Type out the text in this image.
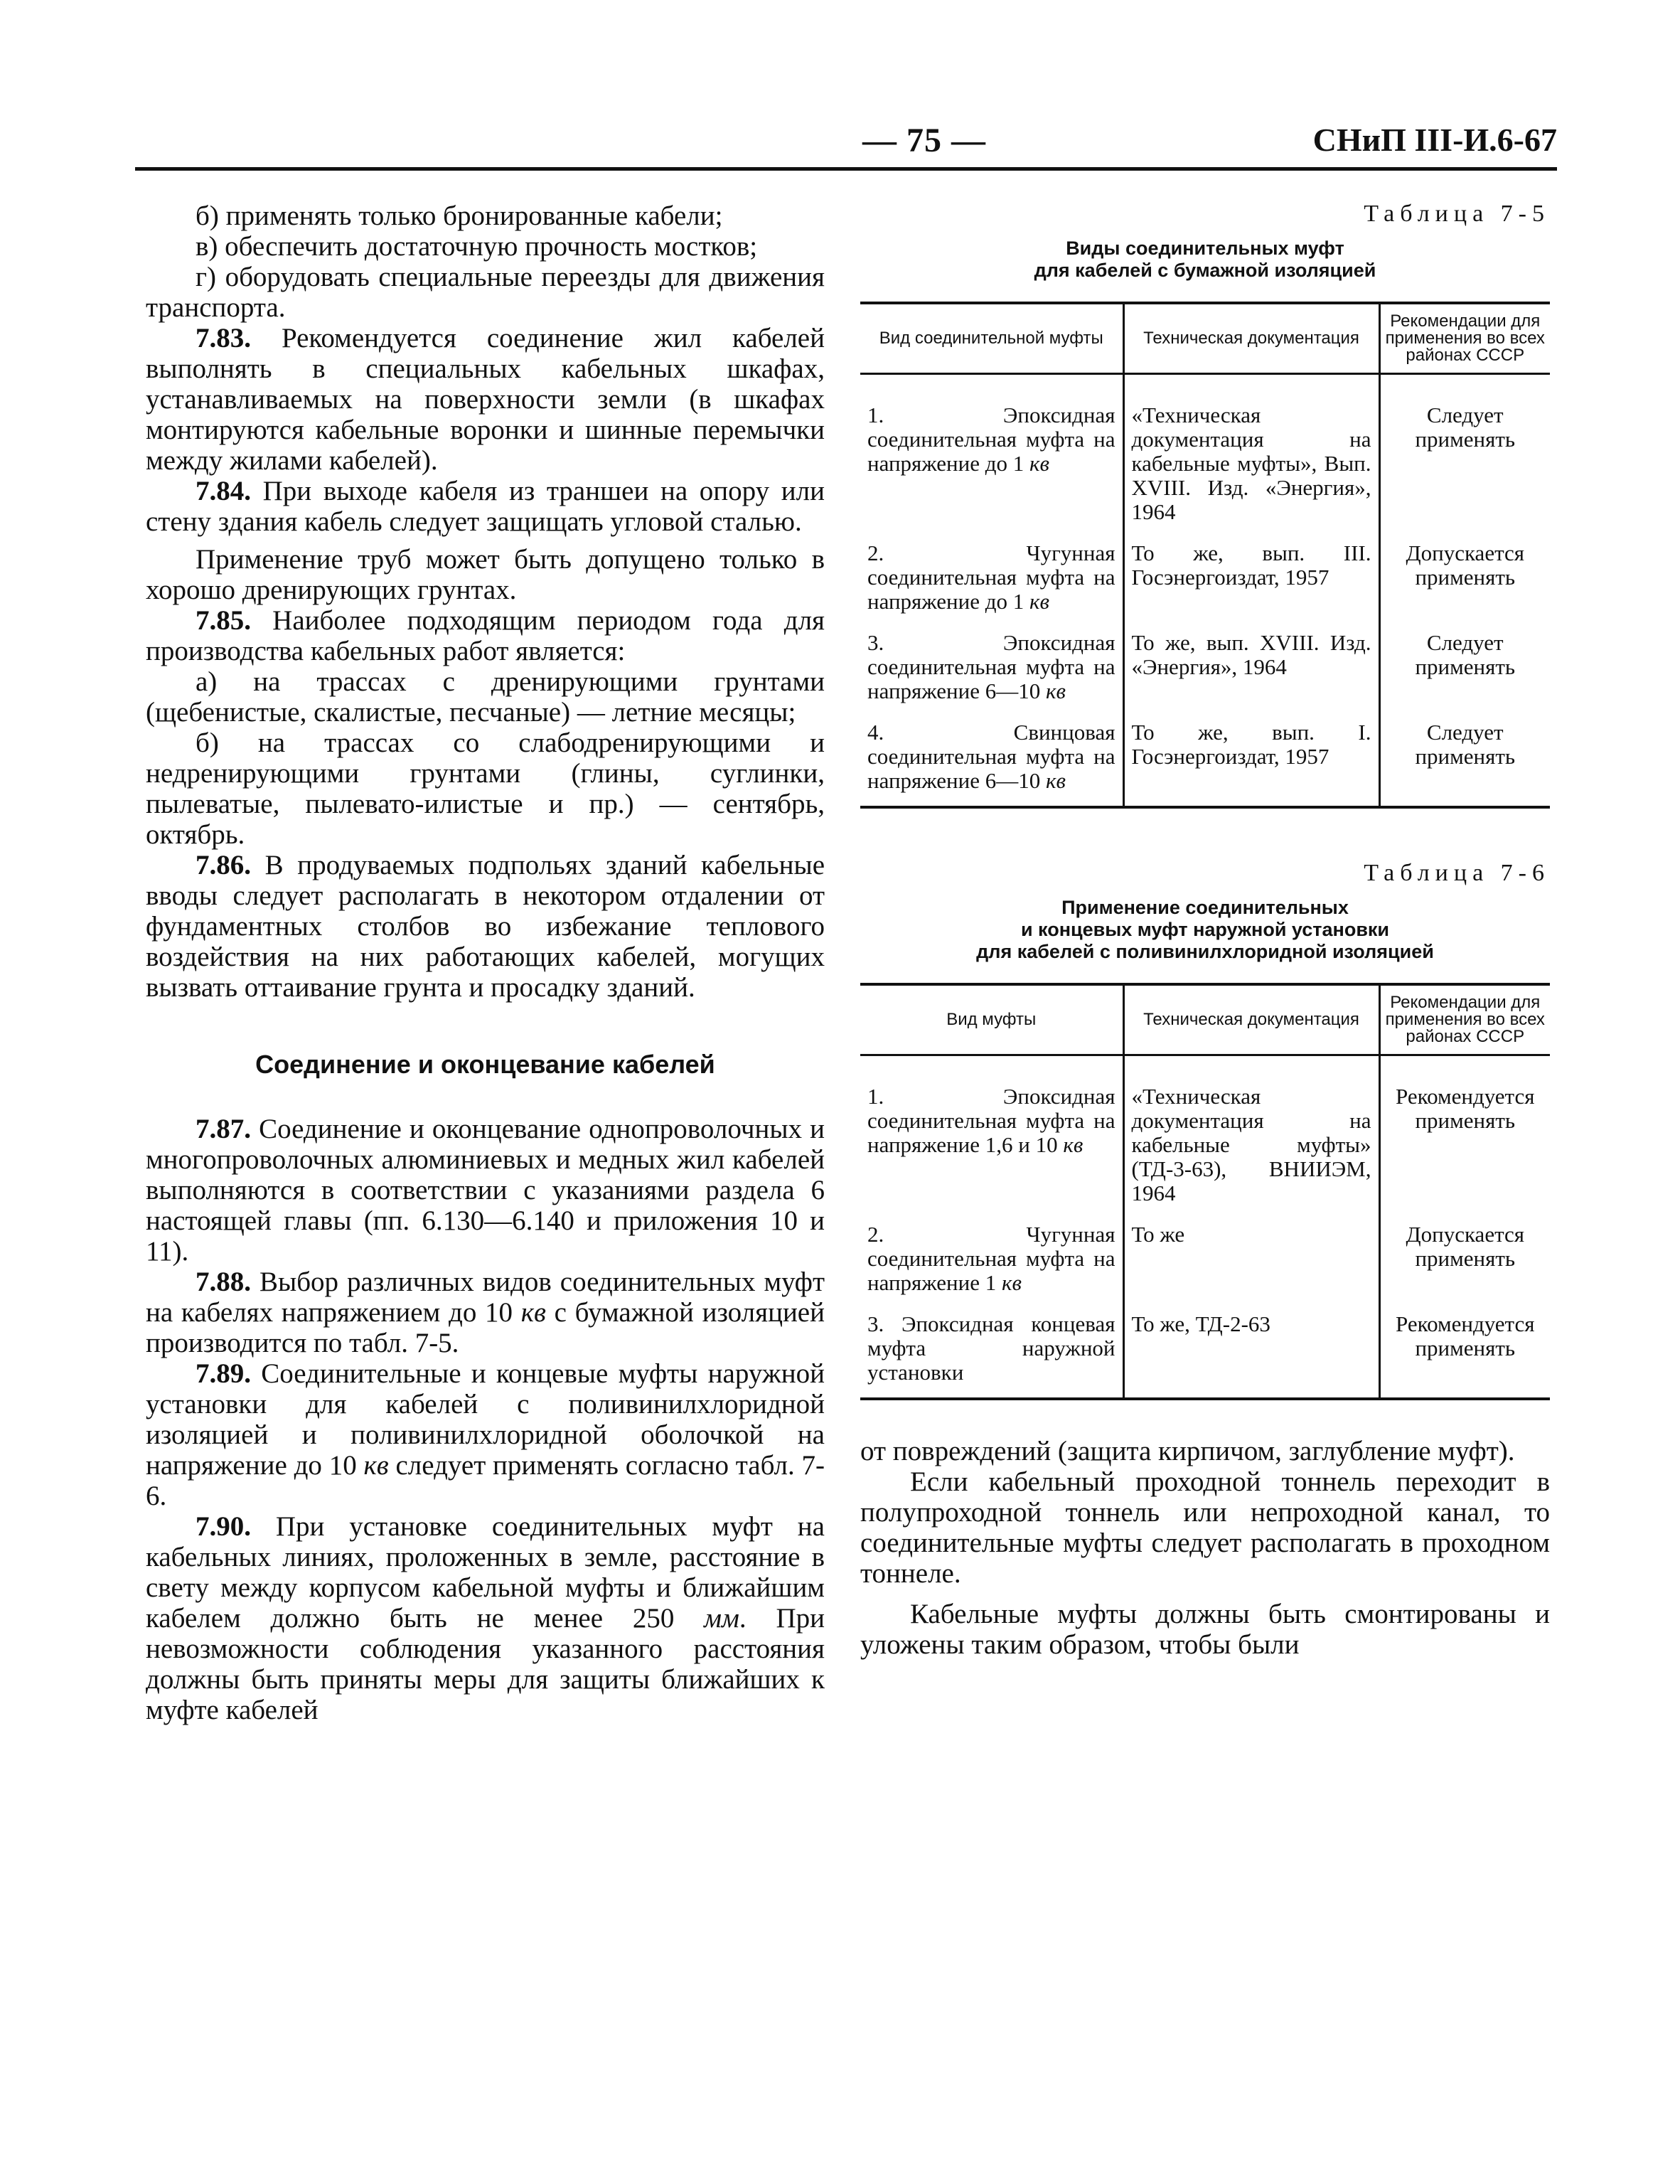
— 75 —	СНиП III-И.6-67

б) применять только бронированные кабели;

в) обеспечить достаточную прочность мостков;

г) оборудовать специальные переезды для движения транспорта.

7.83. Рекомендуется соединение жил кабелей выполнять в специальных кабельных шкафах, устанавливаемых на поверхности земли (в шкафах монтируются кабельные воронки и шинные перемычки между жилами кабелей).

7.84. При выходе кабеля из траншеи на опору или стену здания кабель следует защищать угловой сталью.

Применение труб может быть допущено только в хорошо дренирующих грунтах.

7.85. Наиболее подходящим периодом года для производства кабельных работ является:

а) на трассах с дренирующими грунтами (щебенистые, скалистые, песчаные) — летние месяцы;

б) на трассах со слабодренирующими и недренирующими грунтами (глины, суглинки, пылеватые, пылевато-илистые и пр.) — сентябрь, октябрь.

7.86. В продуваемых подпольях зданий кабельные вводы следует располагать в некотором отдалении от фундаментных столбов во избежание теплового воздействия на них работающих кабелей, могущих вызвать оттаивание грунта и просадку зданий.

Соединение и оконцевание кабелей

7.87. Соединение и оконцевание однопроволочных и многопроволочных алюминиевых и медных жил кабелей выполняются в соответствии с указаниями раздела 6 настоящей главы (пп. 6.130—6.140 и приложения 10 и 11).

7.88. Выбор различных видов соединительных муфт на кабелях напряжением до 10 кв с бумажной изоляцией производится по табл. 7-5.

7.89. Соединительные и концевые муфты наружной установки для кабелей с поливинилхлоридной изоляцией и поливинилхлоридной оболочкой на напряжение до 10 кв следует применять согласно табл. 7-6.

7.90. При установке соединительных муфт на кабельных линиях, проложенных в земле, расстояние в свету между корпусом кабельной муфты и ближайшим кабелем должно быть не менее 250 мм. При невозможности соблюдения указанного расстояния должны быть приняты меры для защиты ближайших к муфте кабелей

Таблица 7-5

Виды соединительных муфт
для кабелей с бумажной изоляцией

Вид соединительной муфты	Техническая документация	Рекомендации для применения во всех районах СССР
1. Эпоксидная соединительная муфта на напряжение до 1 кв	«Техническая документация на кабельные муфты», Вып. XVIII. Изд. «Энергия», 1964	Следует применять
2. Чугунная соединительная муфта на напряжение до 1 кв	То же, вып. III. Госэнергоиздат, 1957	Допускается применять
3. Эпоксидная соединительная муфта на напряжение 6—10 кв	То же, вып. XVIII. Изд. «Энергия», 1964	Следует применять
4. Свинцовая соединительная муфта на напряжение 6—10 кв	То же, вып. I. Госэнергоиздат, 1957	Следует применять

Таблица 7-6

Применение соединительных
и концевых муфт наружной установки
для кабелей с поливинилхлоридной изоляцией

Вид муфты	Техническая документация	Рекомендации для применения во всех районах СССР
1. Эпоксидная соединительная муфта на напряжение 1,6 и 10 кв	«Техническая документация на кабельные муфты» (ТД-3-63), ВНИИЭМ, 1964	Рекомендуется применять
2. Чугунная соединительная муфта на напряжение 1 кв	То же	Допускается применять
3. Эпоксидная концевая муфта наружной установки	То же, ТД-2-63	Рекомендуется применять

от повреждений (защита кирпичом, заглубление муфт).

Если кабельный проходной тоннель переходит в полупроходной тоннель или непроходной канал, то соединительные муфты следует располагать в проходном тоннеле.

Кабельные муфты должны быть смонтированы и уложены таким образом, чтобы были
